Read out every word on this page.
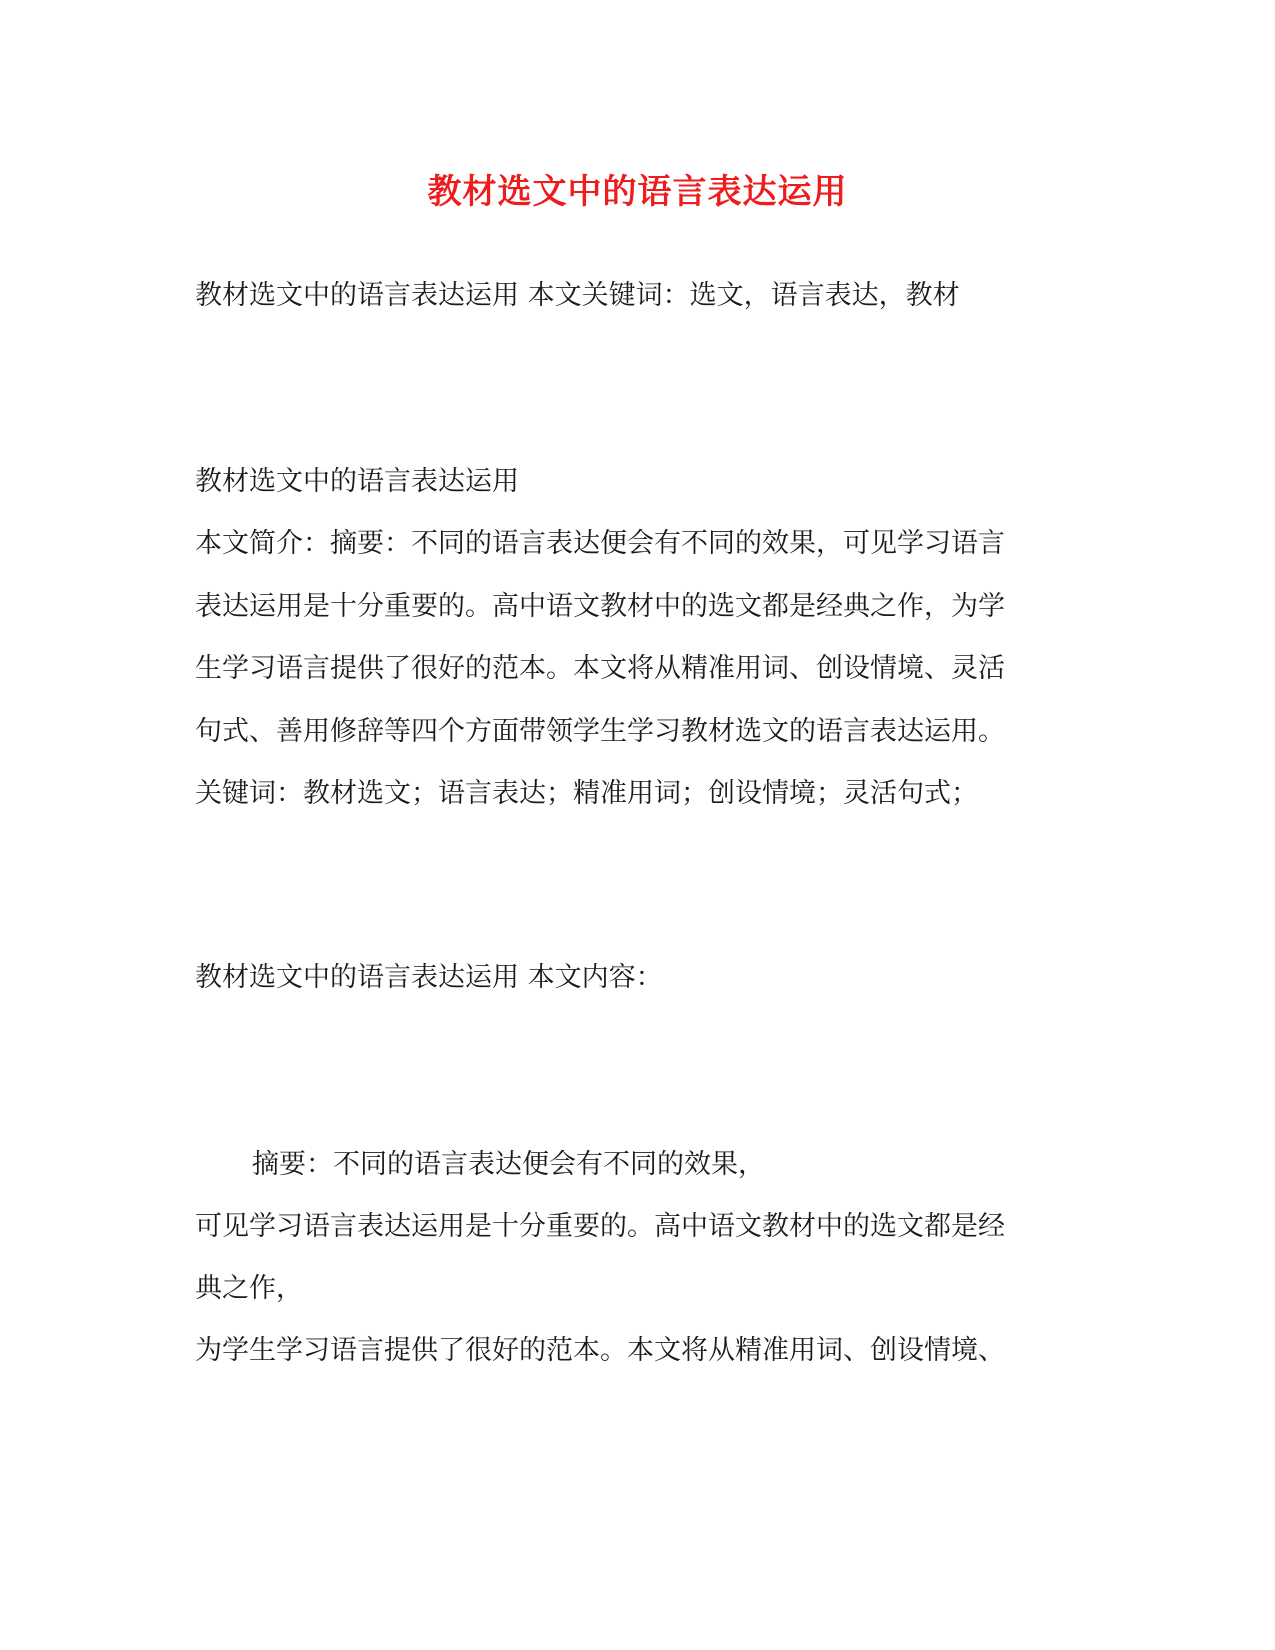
教材选文中的语言表达运用
教材选文中的语言表达运用 本文关键词：选文，语言表达，教材
教材选文中的语言表达运用
本文简介：摘要：不同的语言表达便会有不同的效果，可见学习语言
表达运用是十分重要的。高中语文教材中的选文都是经典之作，为学
生学习语言提供了很好的范本。本文将从精准用词、创设情境、灵活
句式、善用修辞等四个方面带领学生学习教材选文的语言表达运用。
关键词：教材选文；语言表达；精准用词；创设情境；灵活句式；
教材选文中的语言表达运用 本文内容：
摘要：不同的语言表达便会有不同的效果，
可见学习语言表达运用是十分重要的。高中语文教材中的选文都是经
典之作，
为学生学习语言提供了很好的范本。本文将从精准用词、创设情境、
